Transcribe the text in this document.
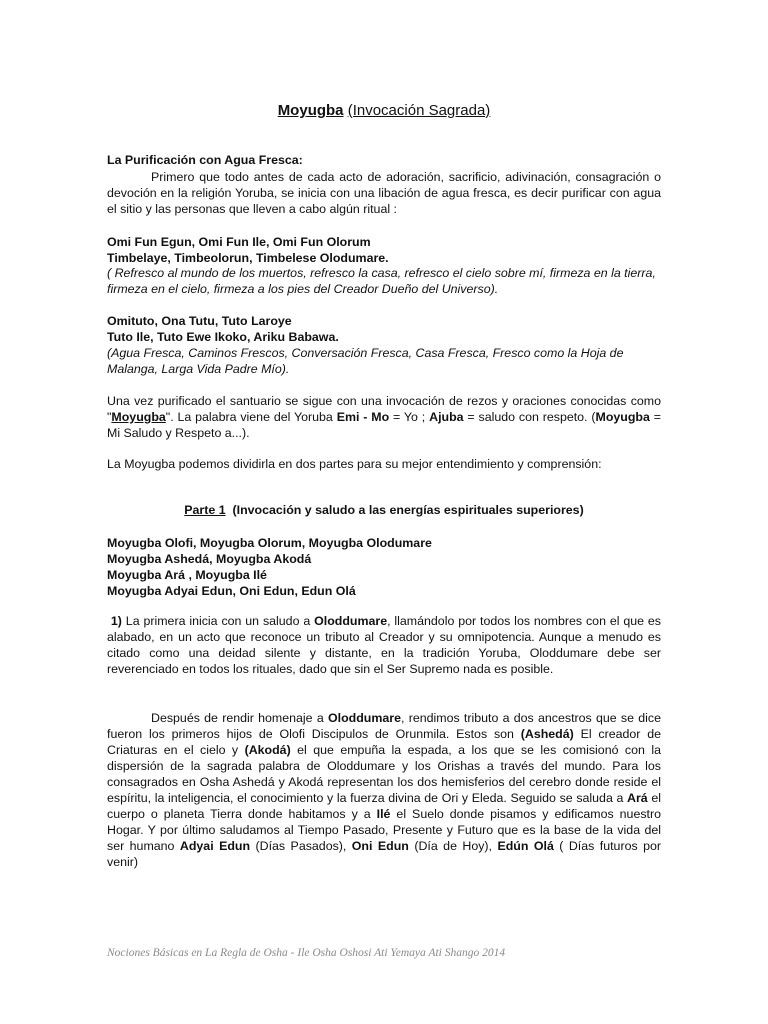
Moyugba (Invocación Sagrada)
La Purificación con Agua Fresca:
Primero que todo antes de cada acto de adoración, sacrificio, adivinación, consagración o devoción en la religión Yoruba, se inicia con una libación de agua fresca, es decir purificar con agua el sitio y las personas que lleven a cabo algún ritual :
Omi Fun Egun, Omi Fun Ile, Omi Fun Olorum
Timbelaye, Timbeolorun, Timbelese Olodumare.
( Refresco al mundo de los muertos, refresco la casa, refresco el cielo sobre mí, firmeza en la tierra, firmeza en el cielo, firmeza a los pies del Creador Dueño del Universo).
Omituto, Ona Tutu, Tuto Laroye
Tuto Ile, Tuto Ewe Ikoko, Ariku Babawa.
(Agua Fresca, Caminos Frescos, Conversación Fresca, Casa Fresca, Fresco como la Hoja de Malanga, Larga Vida Padre Mío).
Una vez purificado el santuario se sigue con una invocación de rezos y oraciones conocidas como "Moyugba". La palabra viene del Yoruba Emi - Mo = Yo ; Ajuba = saludo con respeto. (Moyugba = Mi Saludo y Respeto a...).
La Moyugba podemos dividirla en dos partes para su mejor entendimiento y comprensión:
Parte 1 (Invocación y saludo a las energías espirituales superiores)
Moyugba Olofi, Moyugba Olorum, Moyugba Olodumare
Moyugba Ashedá, Moyugba Akodá
Moyugba Ará , Moyugba Ilé
Moyugba Adyai Edun, Oni Edun, Edun Olá
1) La primera inicia con un saludo a Oloddumare, llamándolo por todos los nombres con el que es alabado, en un acto que reconoce un tributo al Creador y su omnipotencia. Aunque a menudo es citado como una deidad silente y distante, en la tradición Yoruba, Oloddumare debe ser reverenciado en todos los rituales, dado que sin el Ser Supremo nada es posible.
Después de rendir homenaje a Oloddumare, rendimos tributo a dos ancestros que se dice fueron los primeros hijos de Olofi Discipulos de Orunmila. Estos son (Ashedá) El creador de Criaturas en el cielo y (Akodá) el que empuña la espada, a los que se les comisionó con la dispersión de la sagrada palabra de Oloddumare y los Orishas a través del mundo. Para los consagrados en Osha Ashedá y Akodá representan los dos hemisferios del cerebro donde reside el espíritu, la inteligencia, el conocimiento y la fuerza divina de Ori y Eleda. Seguido se saluda a Ará el cuerpo o planeta Tierra donde habitamos y a Ilé el Suelo donde pisamos y edificamos nuestro Hogar. Y por último saludamos al Tiempo Pasado, Presente y Futuro que es la base de la vida del ser humano Adyai Edun (Días Pasados), Oni Edun (Día de Hoy), Edún Olá ( Días futuros por venir)
Nociones Básicas en La Regla de Osha - Ile Osha Oshosi Ati Yemaya Ati Shango 2014
